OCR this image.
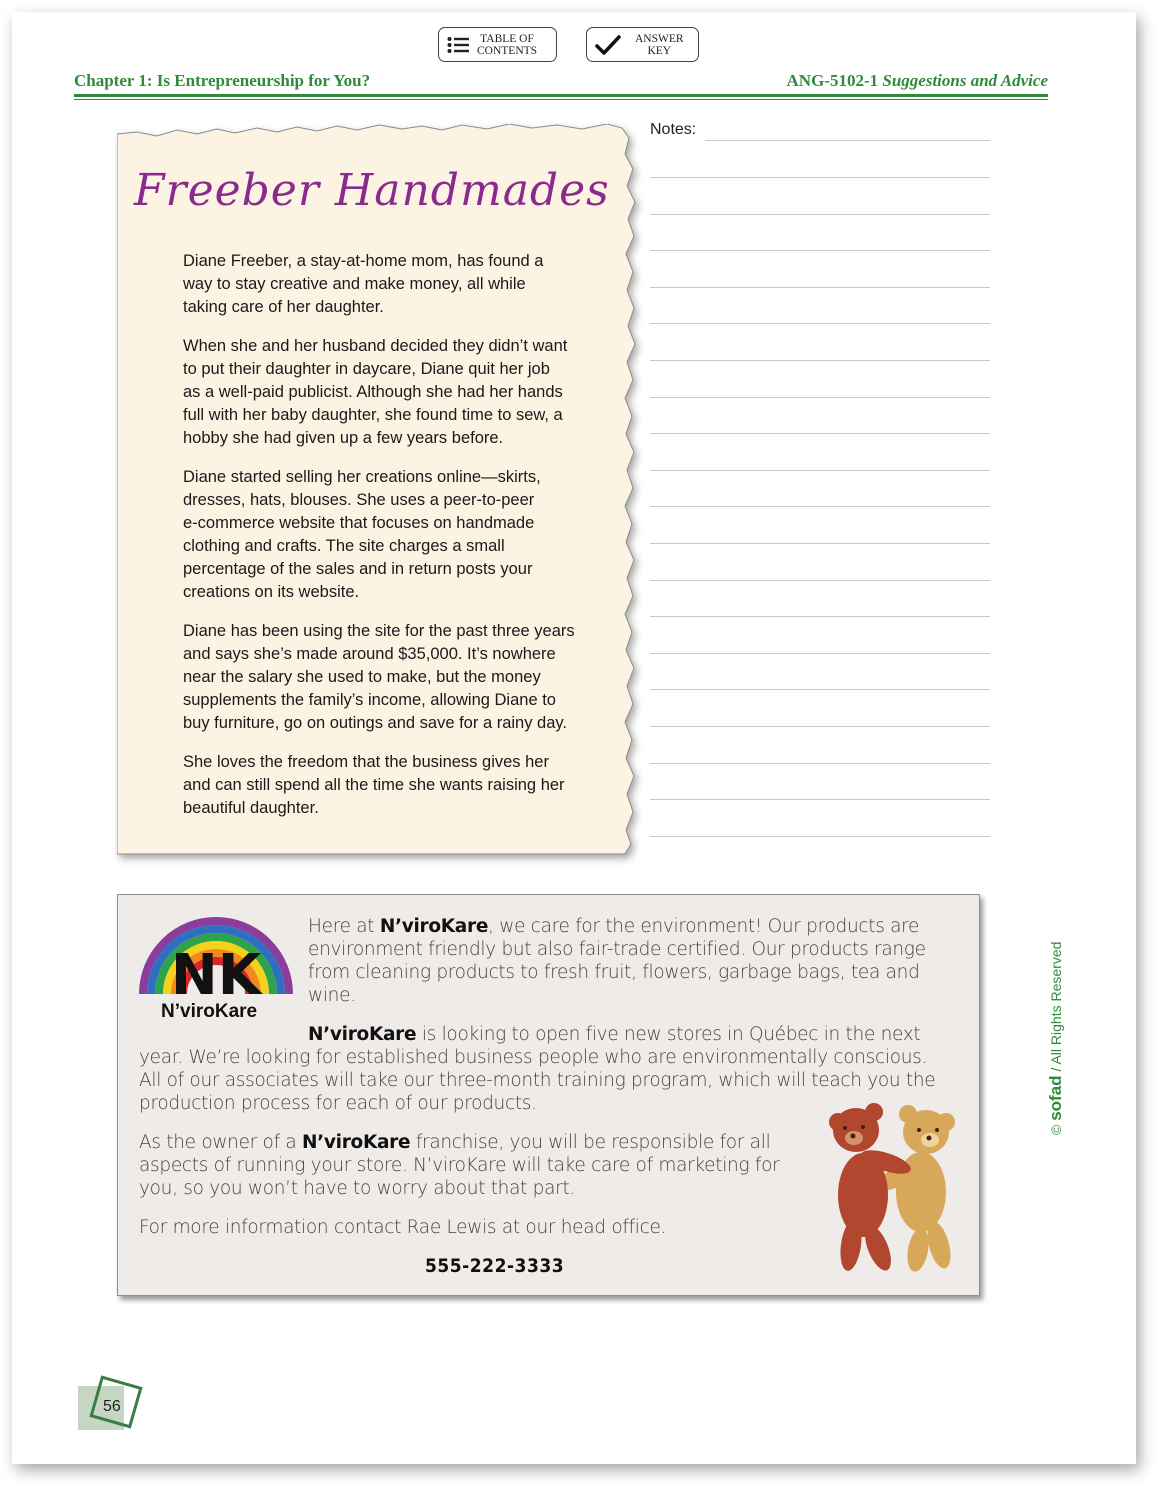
TABLE OF
CONTENTS
ANSWER
KEY
Chapter 1: Is Entrepreneurship for You?	ANG-5102-1 Suggestions and Advice
Freeber Handmades

Diane Freeber, a stay-at-home mom, has found a
way to stay creative and make money, all while
taking care of her daughter.

When she and her husband decided they didn’t want
to put their daughter in daycare, Diane quit her job
as a well-paid publicist. Although she had her hands
full with her baby daughter, she found time to sew, a
hobby she had given up a few years before.

Diane started selling her creations online—skirts,
dresses, hats, blouses. She uses a peer-to-peer
e-commerce website that focuses on handmade
clothing and crafts. The site charges a small
percentage of the sales and in return posts your
creations on its website.

Diane has been using the site for the past three years
and says she’s made around $35,000. It’s nowhere
near the salary she used to make, but the money
supplements the family’s income, allowing Diane to
buy furniture, go on outings and save for a rainy day.

She loves the freedom that the business gives her
and can still spend all the time she wants raising her
beautiful daughter.

Notes:
NK
N’viroKare
Here at N’viroKare, we care for the environment! Our products are
environment friendly but also fair-trade certified. Our products range
from cleaning products to fresh fruit, flowers, garbage bags, tea and
wine.
N’viroKare is looking to open five new stores in Québec in the next
year. We’re looking for established business people who are environmentally conscious.
All of our associates will take our three-month training program, which will teach you the
production process for each of our products.
As the owner of a N’viroKare franchise, you will be responsible for all
aspects of running your store. N’viroKare will take care of marketing for
you, so you won’t have to worry about that part.
For more information contact Rae Lewis at our head office.
555-222-3333
© sofad / All Rights Reserved
56
